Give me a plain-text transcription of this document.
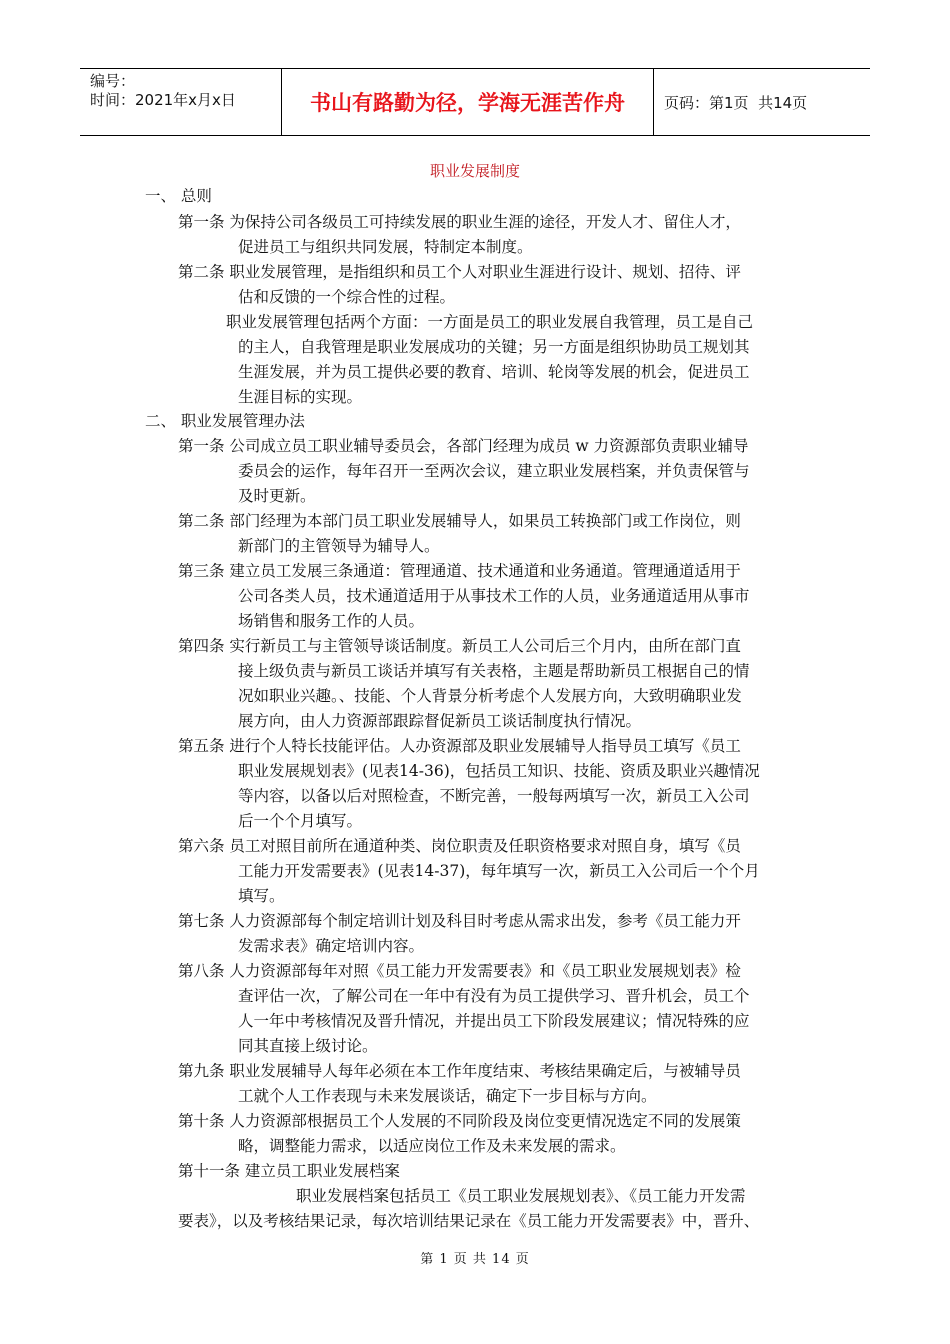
编号：
时间：2021年x月x日	书山有路勤为径，学海无涯苦作舟	页码：第1页  共14页
职业发展制度
一、 总则
第一条 为保持公司各级员工可持续发展的职业生涯的途径，开发人才、留住人才，
促进员工与组织共同发展，特制定本制度。
第二条 职业发展管理，是指组织和员工个人对职业生涯进行设计、规划、招待、评
估和反馈的一个综合性的过程。
职业发展管理包括两个方面：一方面是员工的职业发展自我管理，员工是自己
的主人，自我管理是职业发展成功的关键；另一方面是组织协助员工规划其
生涯发展，并为员工提供必要的教育、培训、轮岗等发展的机会，促进员工
生涯目标的实现。
二、 职业发展管理办法
第一条 公司成立员工职业辅导委员会，各部门经理为成员 w 力资源部负责职业辅导
委员会的运作，每年召开一至两次会议，建立职业发展档案，并负责保管与
及时更新。
第二条 部门经理为本部门员工职业发展辅导人，如果员工转换部门或工作岗位，则
新部门的主管领导为辅导人。
第三条 建立员工发展三条通道：管理通道、技术通道和业务通道。管理通道适用于
公司各类人员，技术通道适用于从事技术工作的人员，业务通道适用从事市
场销售和服务工作的人员。
第四条 实行新员工与主管领导谈话制度。新员工人公司后三个月内，由所在部门直
接上级负责与新员工谈话并填写有关表格，主题是帮助新员工根据自己的情
况如职业兴趣。、技能、个人背景分析考虑个人发展方向，大致明确职业发
展方向，由人力资源部跟踪督促新员工谈话制度执行情况。
第五条 进行个人特长技能评估。人办资源部及职业发展辅导人指导员工填写《员工
职业发展规划表》(见表14-36)，包括员工知识、技能、资质及职业兴趣情况
等内容，以备以后对照检查，不断完善，一般每两填写一次，新员工入公司
后一个个月填写。
第六条 员工对照目前所在通道种类、岗位职责及任职资格要求对照自身，填写《员
工能力开发需要表》(见表14-37)，每年填写一次，新员工入公司后一个个月
填写。
第七条 人力资源部每个制定培训计划及科目时考虑从需求出发，参考《员工能力开
发需求表》确定培训内容。
第八条 人力资源部每年对照《员工能力开发需要表》和《员工职业发展规划表》检
查评估一次，了解公司在一年中有没有为员工提供学习、晋升机会，员工个
人一年中考核情况及晋升情况，并提出员工下阶段发展建议；情况特殊的应
同其直接上级讨论。
第九条 职业发展辅导人每年必须在本工作年度结束、考核结果确定后，与被辅导员
工就个人工作表现与未来发展谈话，确定下一步目标与方向。
第十条 人力资源部根据员工个人发展的不同阶段及岗位变更情况选定不同的发展策
略，调整能力需求，以适应岗位工作及未来发展的需求。
第十一条 建立员工职业发展档案
职业发展档案包括员工《员工职业发展规划表》、《员工能力开发需
要表》，以及考核结果记录，每次培训结果记录在《员工能力开发需要表》中，晋升、
第 1 页 共 14 页
